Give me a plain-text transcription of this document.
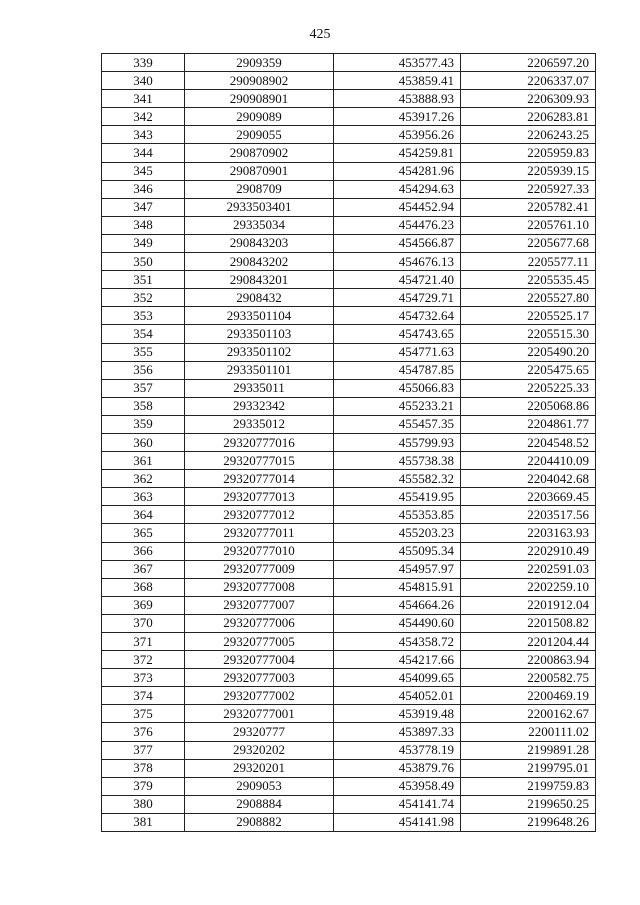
425
339	2909359	453577.43	2206597.20
340	290908902	453859.41	2206337.07
341	290908901	453888.93	2206309.93
342	2909089	453917.26	2206283.81
343	2909055	453956.26	2206243.25
344	290870902	454259.81	2205959.83
345	290870901	454281.96	2205939.15
346	2908709	454294.63	2205927.33
347	2933503401	454452.94	2205782.41
348	29335034	454476.23	2205761.10
349	290843203	454566.87	2205677.68
350	290843202	454676.13	2205577.11
351	290843201	454721.40	2205535.45
352	2908432	454729.71	2205527.80
353	2933501104	454732.64	2205525.17
354	2933501103	454743.65	2205515.30
355	2933501102	454771.63	2205490.20
356	2933501101	454787.85	2205475.65
357	29335011	455066.83	2205225.33
358	29332342	455233.21	2205068.86
359	29335012	455457.35	2204861.77
360	29320777016	455799.93	2204548.52
361	29320777015	455738.38	2204410.09
362	29320777014	455582.32	2204042.68
363	29320777013	455419.95	2203669.45
364	29320777012	455353.85	2203517.56
365	29320777011	455203.23	2203163.93
366	29320777010	455095.34	2202910.49
367	29320777009	454957.97	2202591.03
368	29320777008	454815.91	2202259.10
369	29320777007	454664.26	2201912.04
370	29320777006	454490.60	2201508.82
371	29320777005	454358.72	2201204.44
372	29320777004	454217.66	2200863.94
373	29320777003	454099.65	2200582.75
374	29320777002	454052.01	2200469.19
375	29320777001	453919.48	2200162.67
376	29320777	453897.33	2200111.02
377	29320202	453778.19	2199891.28
378	29320201	453879.76	2199795.01
379	2909053	453958.49	2199759.83
380	2908884	454141.74	2199650.25
381	2908882	454141.98	2199648.26
